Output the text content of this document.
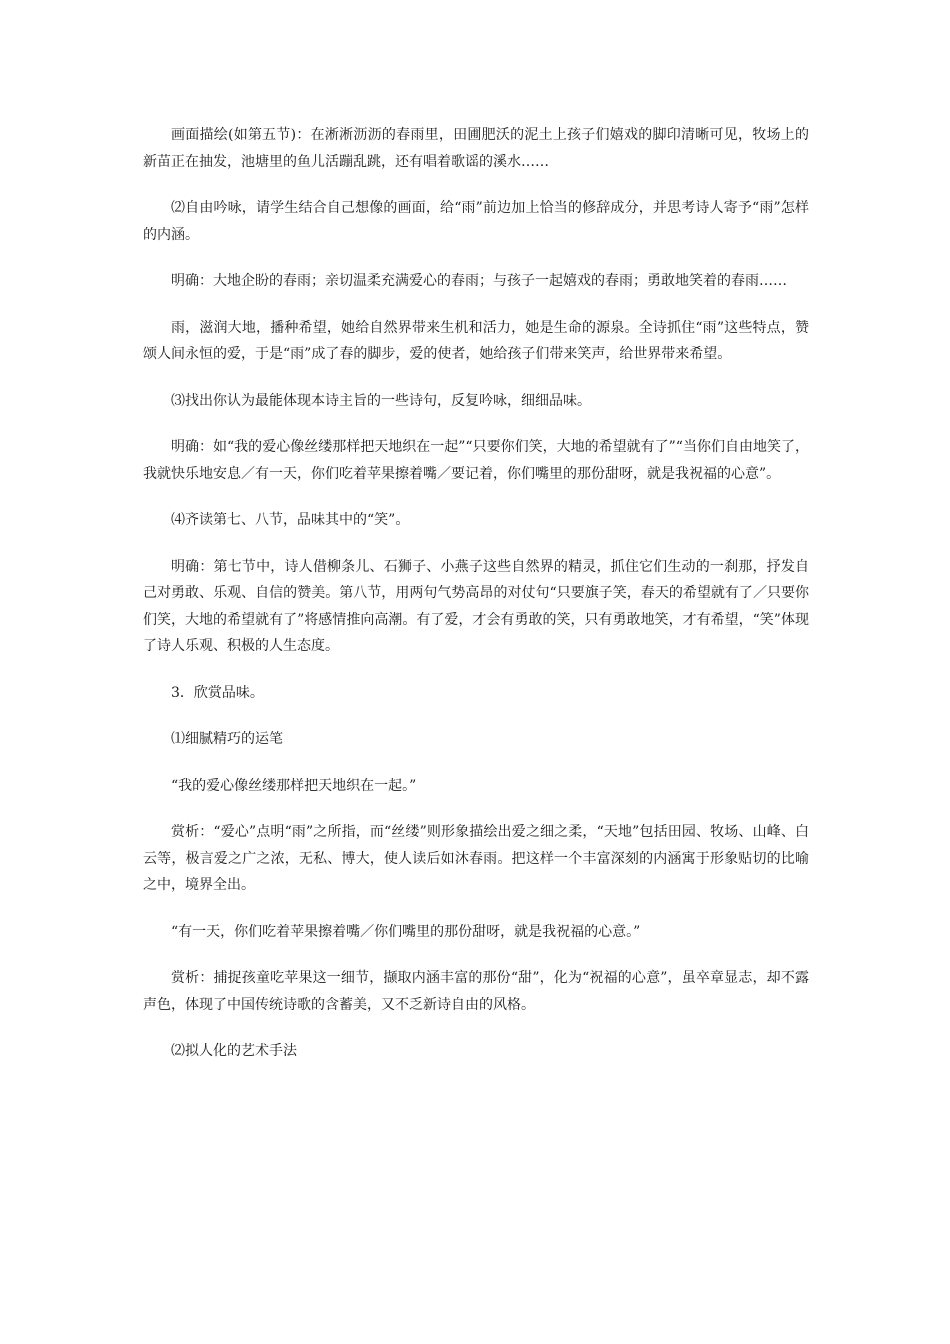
画面描绘(如第五节)：在淅淅沥沥的春雨里，田圃肥沃的泥土上孩子们嬉戏的脚印清晰可见，牧场上的新苗正在抽发，池塘里的鱼儿活蹦乱跳，还有唱着歌谣的溪水……

⑵自由吟咏，请学生结合自己想像的画面，给“雨”前边加上恰当的修辞成分，并思考诗人寄予“雨”怎样的内涵。

明确：大地企盼的春雨；亲切温柔充满爱心的春雨；与孩子一起嬉戏的春雨；勇敢地笑着的春雨……

雨，滋润大地，播种希望，她给自然界带来生机和活力，她是生命的源泉。全诗抓住“雨”这些特点，赞颂人间永恒的爱，于是“雨”成了春的脚步，爱的使者，她给孩子们带来笑声，给世界带来希望。

⑶找出你认为最能体现本诗主旨的一些诗句，反复吟咏，细细品味。

明确：如“我的爱心像丝缕那样把天地织在一起”“只要你们笑，大地的希望就有了”“当你们自由地笑了，我就快乐地安息／有一天，你们吃着苹果擦着嘴／要记着，你们嘴里的那份甜呀，就是我祝福的心意”。

⑷齐读第七、八节，品味其中的“笑”。

明确：第七节中，诗人借柳条儿、石狮子、小燕子这些自然界的精灵，抓住它们生动的一刹那，抒发自己对勇敢、乐观、自信的赞美。第八节，用两句气势高昂的对仗句“只要旗子笑，春天的希望就有了／只要你们笑，大地的希望就有了”将感情推向高潮。有了爱，才会有勇敢的笑，只有勇敢地笑，才有希望，“笑”体现了诗人乐观、积极的人生态度。

3．欣赏品味。

⑴细腻精巧的运笔

“我的爱心像丝缕那样把天地织在一起。”

赏析：“爱心”点明“雨”之所指，而“丝缕”则形象描绘出爱之细之柔，“天地”包括田园、牧场、山峰、白云等，极言爱之广之浓，无私、博大，使人读后如沐春雨。把这样一个丰富深刻的内涵寓于形象贴切的比喻之中，境界全出。

“有一天，你们吃着苹果擦着嘴／你们嘴里的那份甜呀，就是我祝福的心意。”

赏析：捕捉孩童吃苹果这一细节，撷取内涵丰富的那份“甜”，化为“祝福的心意”，虽卒章显志，却不露声色，体现了中国传统诗歌的含蓄美，又不乏新诗自由的风格。

⑵拟人化的艺术手法
